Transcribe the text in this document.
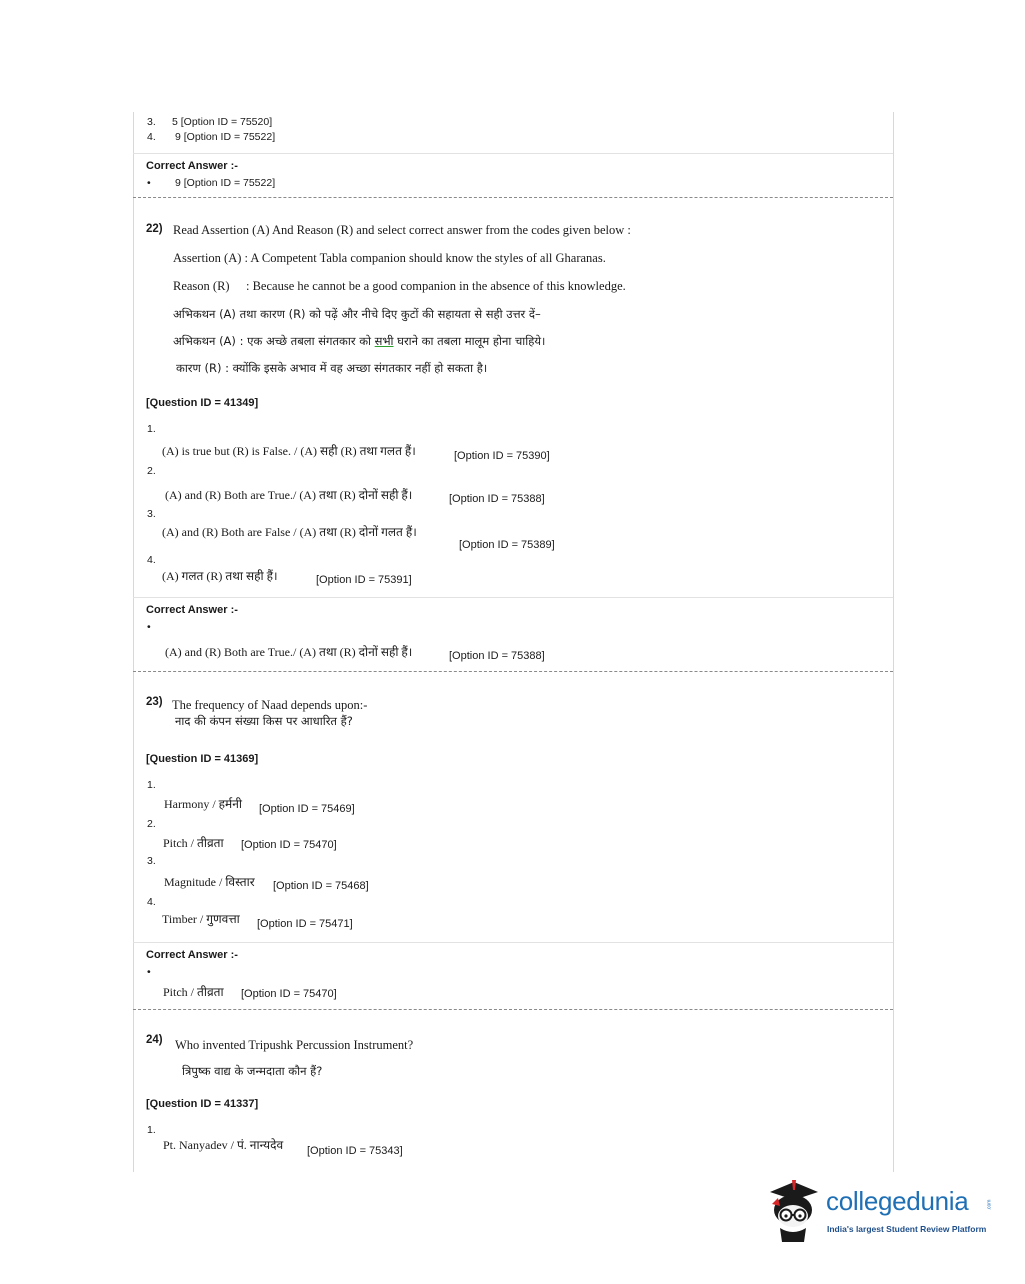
3. 5 [Option ID = 75520]
4. 9 [Option ID = 75522]
Correct Answer :-
• 9 [Option ID = 75522]
22) Read Assertion (A) And Reason (R) and select correct answer from the codes given below :
Assertion (A) : A Competent Tabla companion should know the styles of all Gharanas.
Reason (R) : Because he cannot be a good companion in the absence of this knowledge.
अभिकथन (A) तथा कारण (R) को पढ़ें और नीचे दिए कुटों की सहायता से सही उत्तर दें–
अभिकथन (A) : एक अच्छे तबला संगतकार को सभी घराने का तबला मालूम होना चाहिये।
कारण (R) : क्योंकि इसके अभाव में वह अच्छा संगतकार नहीं हो सकता है।
[Question ID = 41349]
1.
(A) is true but (R) is False. / (A) सही (R) तथा गलत हैं।	[Option ID = 75390]
2.
(A) and (R) Both are True./ (A) तथा (R) दोनों सही हैं।	[Option ID = 75388]
3.
(A) and (R) Both are False / (A) तथा (R) दोनों गलत हैं।
[Option ID = 75389]
4.
(A) गलत (R) तथा सही हैं।	[Option ID = 75391]
Correct Answer :-
•
(A) and (R) Both are True./ (A) तथा (R) दोनों सही हैं।	[Option ID = 75388]
23) The frequency of Naad depends upon:-
नाद की कंपन संख्या किस पर आधारित हैं?
[Question ID = 41369]
1.
Harmony / हर्मनी [Option ID = 75469]
2.
Pitch / तीव्रता [Option ID = 75470]
3.
Magnitude / विस्तार [Option ID = 75468]
4.
Timber / गुणवत्ता [Option ID = 75471]
Correct Answer :-
•
Pitch / तीव्रता [Option ID = 75470]
24) Who invented Tripushk Percussion Instrument?
त्रिपुष्क वाद्य के जन्मदाता कौन हैं?
[Question ID = 41337]
1.
Pt. Nanyadev / पं. नान्यदेव [Option ID = 75343]
collegedunia	.com
India's largest Student Review Platform
